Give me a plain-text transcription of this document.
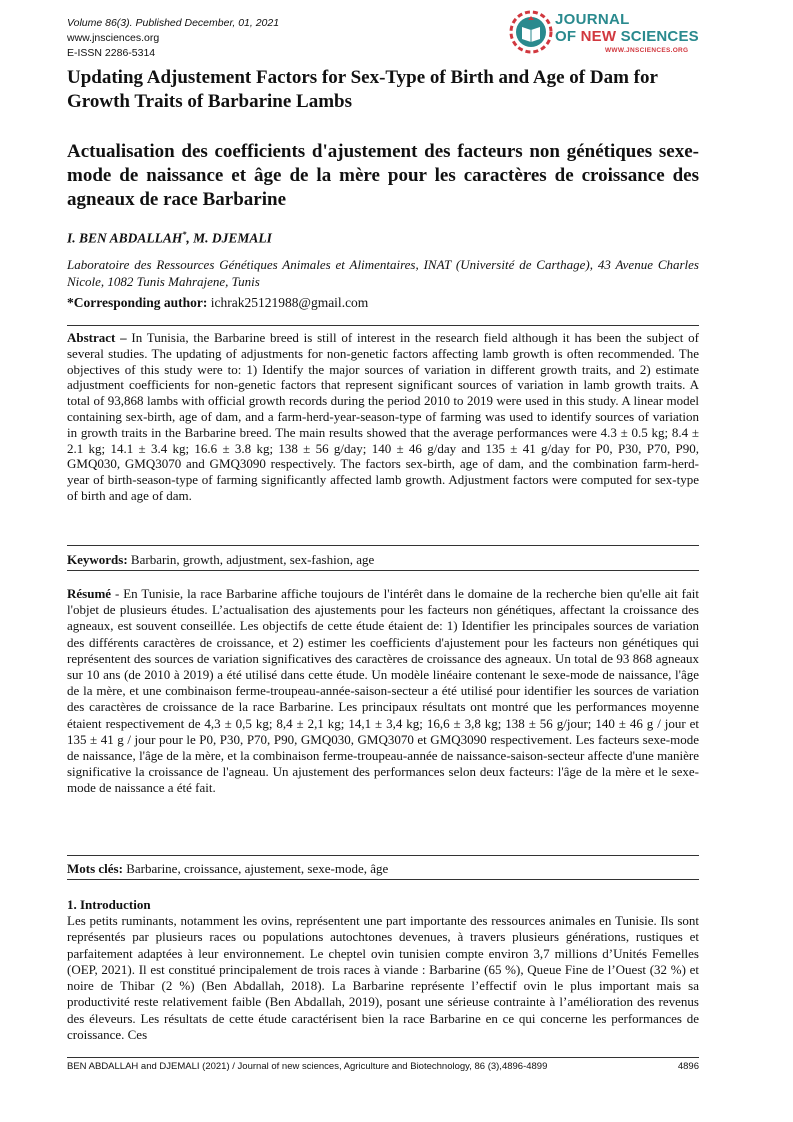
Volume 86(3). Published December, 01, 2021
www.jnsciences.org
E-ISSN 2286-5314
JOURNAL
OF NEW SCIENCES
WWW.JNSCIENCES.ORG
Updating Adjustement Factors for Sex-Type of Birth and Age of Dam for Growth Traits of Barbarine Lambs
Actualisation des coefficients d'ajustement des facteurs non génétiques sexe-mode de naissance et âge de la mère pour les caractères de croissance des agneaux de race Barbarine
I. BEN ABDALLAH*, M. DJEMALI
Laboratoire des Ressources Génétiques Animales et Alimentaires, INAT (Université de Carthage), 43 Avenue Charles Nicole, 1082 Tunis Mahrajene, Tunis
*Corresponding author: ichrak25121988@gmail.com
Abstract – In Tunisia, the Barbarine breed is still of interest in the research field although it has been the subject of several studies. The updating of adjustments for non-genetic factors affecting lamb growth is often recommended. The objectives of this study were to: 1) Identify the major sources of variation in different growth traits, and 2) estimate adjustment coefficients for non-genetic factors that represent significant sources of variation in lamb growth traits. A total of 93,868 lambs with official growth records during the period 2010 to 2019 were used in this study. A linear model containing sex-birth, age of dam, and a farm-herd-year-season-type of farming was used to identify sources of variation in growth traits in the Barbarine breed. The main results showed that the average performances were 4.3 ± 0.5 kg; 8.4 ± 2.1 kg; 14.1 ± 3.4 kg; 16.6 ± 3.8 kg; 138 ± 56 g/day; 140 ± 46 g/day and 135 ± 41 g/day for P0, P30, P70, P90, GMQ030, GMQ3070 and GMQ3090 respectively. The factors sex-birth, age of dam, and the combination farm-herd-year of birth-season-type of farming significantly affected lamb growth. Adjustment factors were computed for sex-type of birth and age of dam.
Keywords: Barbarin, growth, adjustment, sex-fashion, age
Résumé - En Tunisie, la race Barbarine affiche toujours de l'intérêt dans le domaine de la recherche bien qu'elle ait fait l'objet de plusieurs études. L’actualisation des ajustements pour les facteurs non génétiques, affectant la croissance des agneaux, est souvent conseillée. Les objectifs de cette étude étaient de: 1) Identifier les principales sources de variation des différents caractères de croissance, et 2) estimer les coefficients d'ajustement pour les facteurs non génétiques qui représentent des sources de variation significatives des caractères de croissance des agneaux. Un total de 93 868 agneaux sur 10 ans (de 2010 à 2019) a été utilisé dans cette étude. Un modèle linéaire contenant le sexe-mode de naissance, l'âge de la mère, et une combinaison ferme-troupeau-année-saison-secteur a été utilisé pour identifier les sources de variation des caractères de croissance de la race Barbarine. Les principaux résultats ont montré que les performances moyenne étaient respectivement de 4,3 ± 0,5 kg; 8,4 ± 2,1 kg; 14,1 ± 3,4 kg; 16,6 ± 3,8 kg; 138 ± 56 g/jour; 140 ± 46 g / jour et 135 ± 41 g / jour pour le P0, P30, P70, P90, GMQ030, GMQ3070 et GMQ3090 respectivement. Les facteurs sexe-mode de naissance, l'âge de la mère, et la combinaison ferme-troupeau-année de naissance-saison-secteur affecte d'une manière significative la croissance de l'agneau. Un ajustement des performances selon deux facteurs: l'âge de la mère et le sexe-mode de naissance a été fait.
Mots clés: Barbarine, croissance, ajustement, sexe-mode, âge
1. Introduction
Les petits ruminants, notamment les ovins, représentent une part importante des ressources animales en Tunisie. Ils sont représentés par plusieurs races ou populations autochtones devenues, à travers plusieurs générations, rustiques et parfaitement adaptées à leur environnement. Le cheptel ovin tunisien compte environ 3,7 millions d’Unités Femelles (OEP, 2021). Il est constitué principalement de trois races à viande : Barbarine (65 %), Queue Fine de l’Ouest (32 %) et noire de Thibar (2 %) (Ben Abdallah, 2018). La Barbarine représente l’effectif ovin le plus important mais sa productivité reste relativement faible (Ben Abdallah, 2019), posant une sérieuse contrainte à l’amélioration des revenus des éleveurs. Les résultats de cette étude caractérisent bien la race Barbarine en ce qui concerne les performances de croissance. Ces
BEN ABDALLAH and DJEMALI (2021) / Journal of new sciences, Agriculture and Biotechnology, 86 (3),4896-4899	4896
